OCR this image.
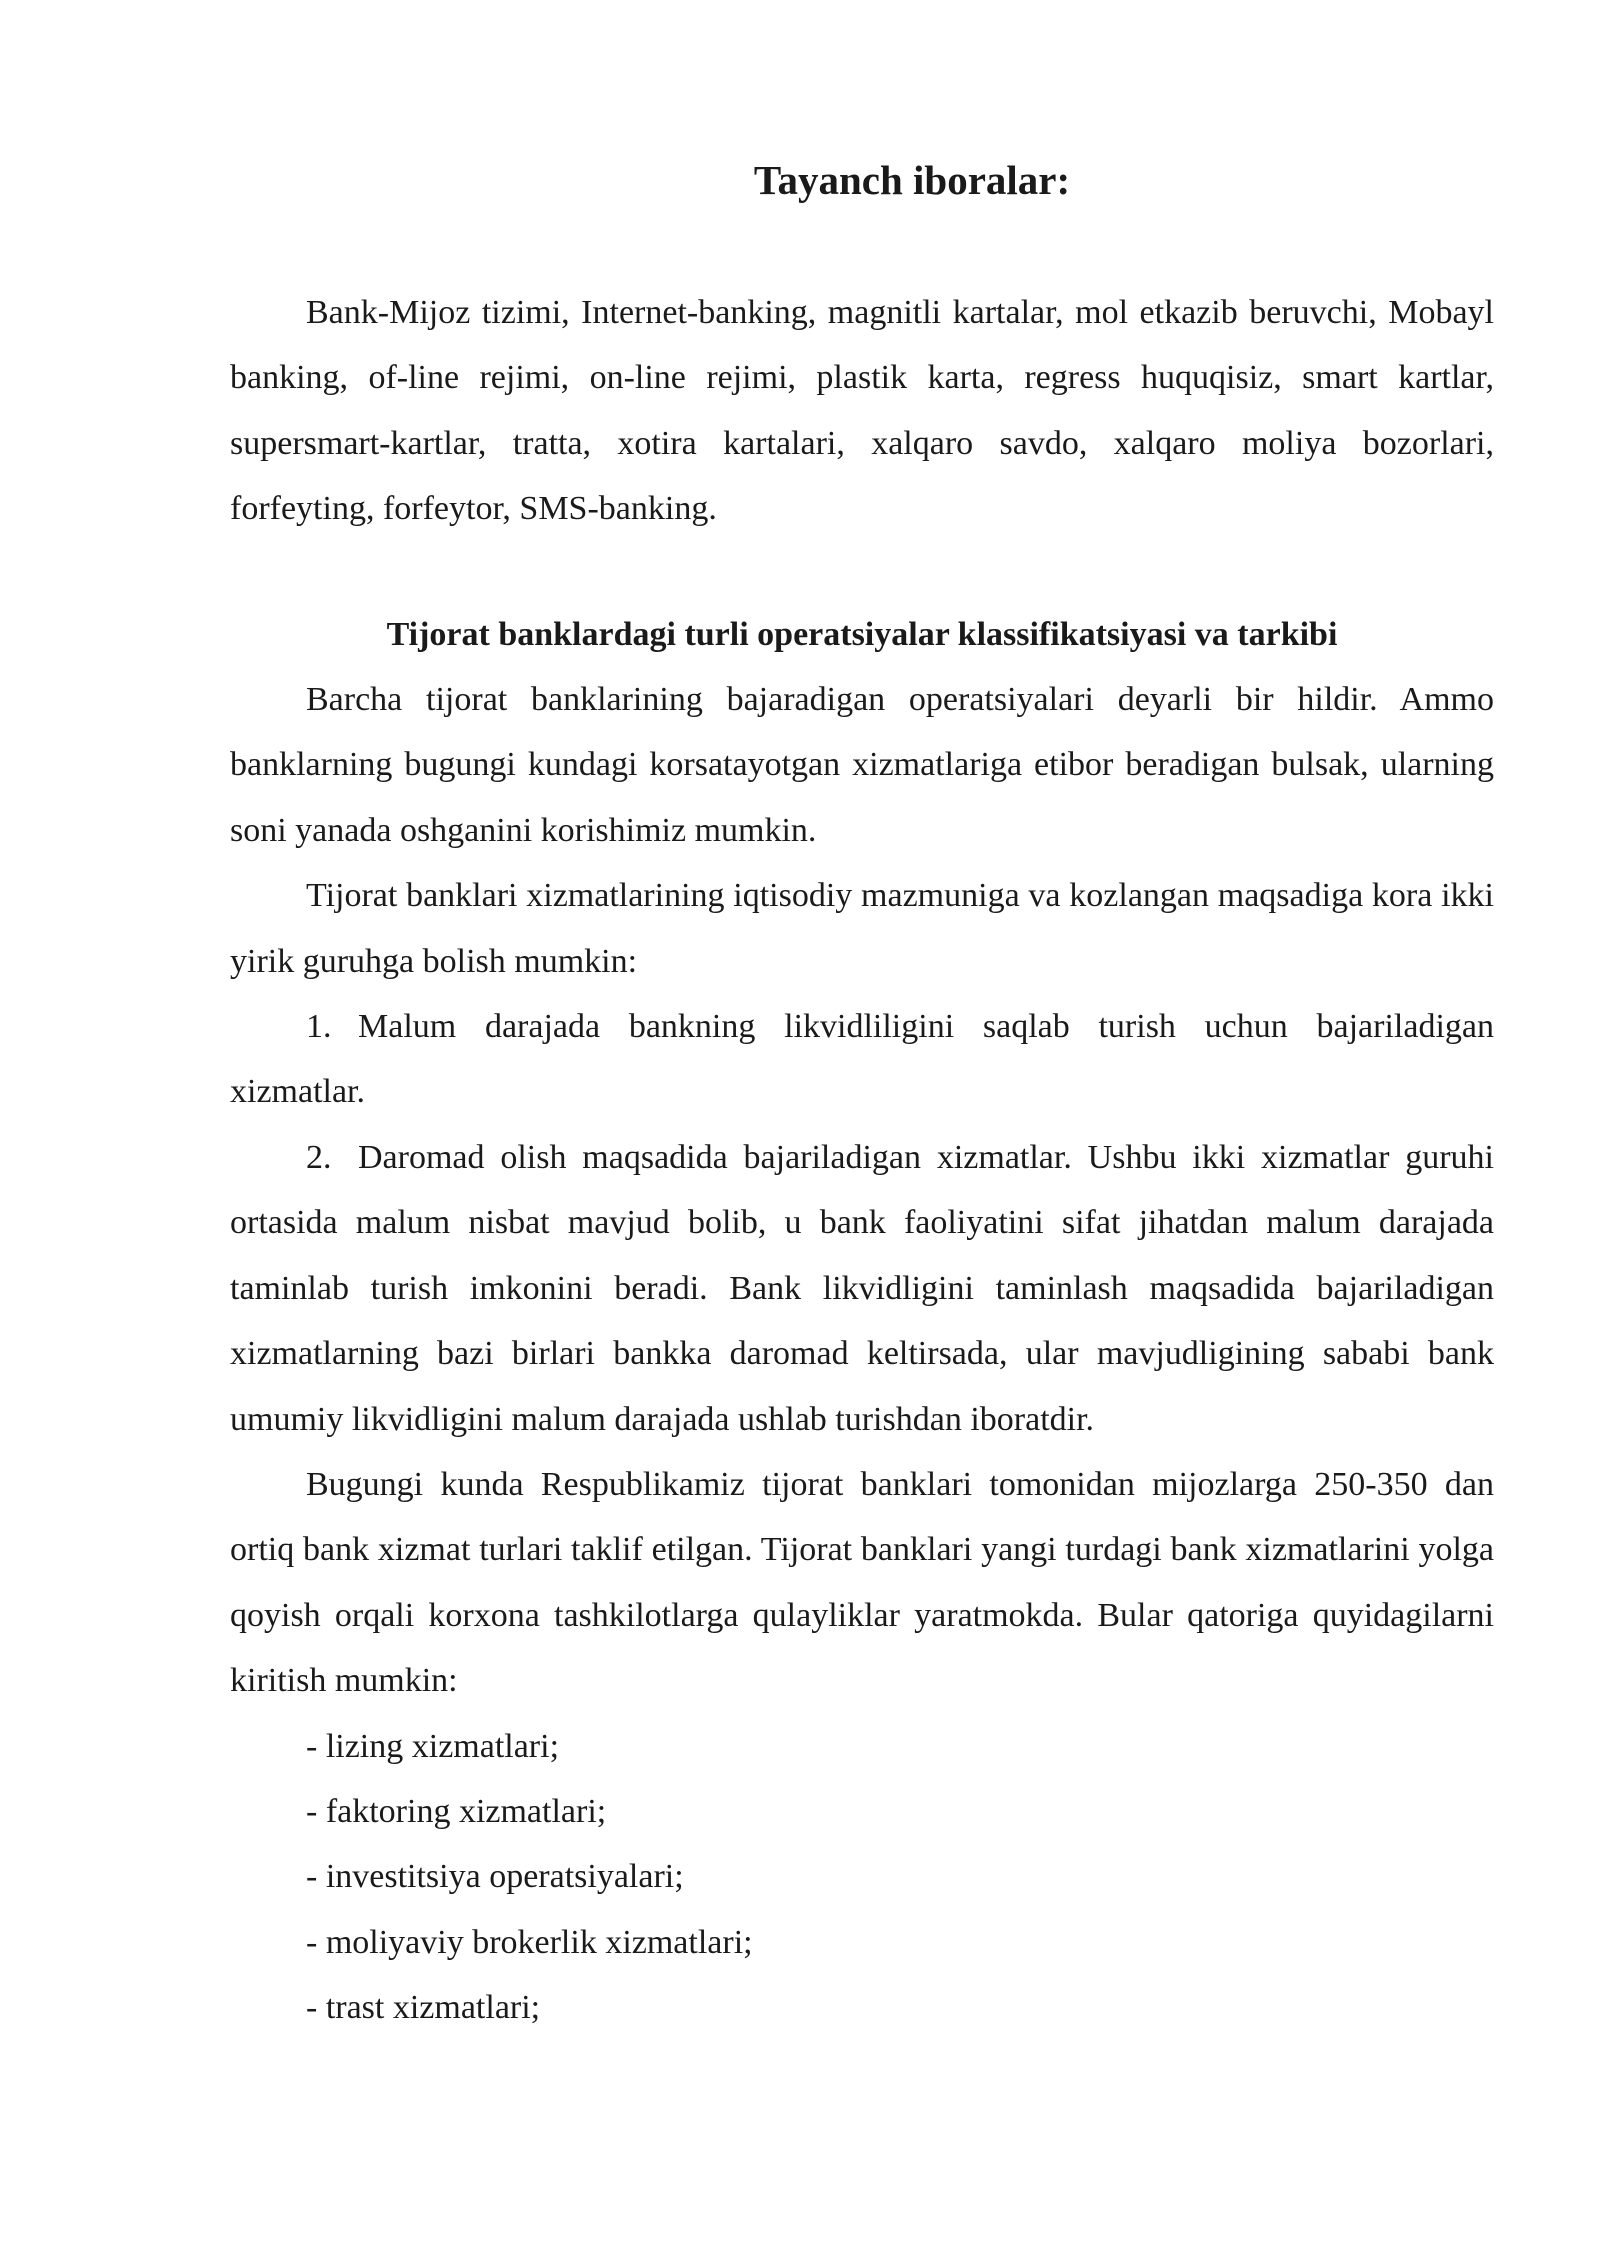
Tayanch iboralar:

Bank-Mijoz tizimi, Internet-banking, magnitli kartalar, mol etkazib beruvchi, Mobayl banking, of-line rejimi, on-line rejimi, plastik karta, regress huquqisiz, smart kartlar, supersmart-kartlar, tratta, xotira kartalari, xalqaro savdo, xalqaro moliya bozorlari, forfeyting, forfeytor, SMS-banking.

Tijorat banklardagi turli operatsiyalar klassifikatsiyasi va tarkibi

Barcha tijorat banklarining bajaradigan operatsiyalari deyarli bir hildir. Ammo banklarning bugungi kundagi korsatayotgan xizmatlariga etibor beradigan bulsak, ularning soni yanada oshganini korishimiz mumkin.

Tijorat banklari xizmatlarining iqtisodiy mazmuniga va kozlangan maqsadiga kora ikki yirik guruhga bolish mumkin:

1. Malum darajada bankning likvidliligini saqlab turish uchun bajariladigan xizmatlar.

2. Daromad olish maqsadida bajariladigan xizmatlar. Ushbu ikki xizmatlar guruhi ortasida malum nisbat mavjud bolib, u bank faoliyatini sifat jihatdan malum darajada taminlab turish imkonini beradi. Bank likvidligini taminlash maqsadida bajariladigan xizmatlarning bazi birlari bankka daromad keltirsada, ular mavjudligining sababi bank umumiy likvidligini malum darajada ushlab turishdan iboratdir.

Bugungi kunda Respublikamiz tijorat banklari tomonidan mijozlarga 250-350 dan ortiq bank xizmat turlari taklif etilgan. Tijorat banklari yangi turdagi bank xizmatlarini yolga qoyish orqali korxona tashkilotlarga qulayliklar yaratmokda. Bular qatoriga quyidagilarni kiritish mumkin:

- lizing xizmatlari;
- faktoring xizmatlari;
- investitsiya operatsiyalari;
- moliyaviy brokerlik xizmatlari;
- trast xizmatlari;
